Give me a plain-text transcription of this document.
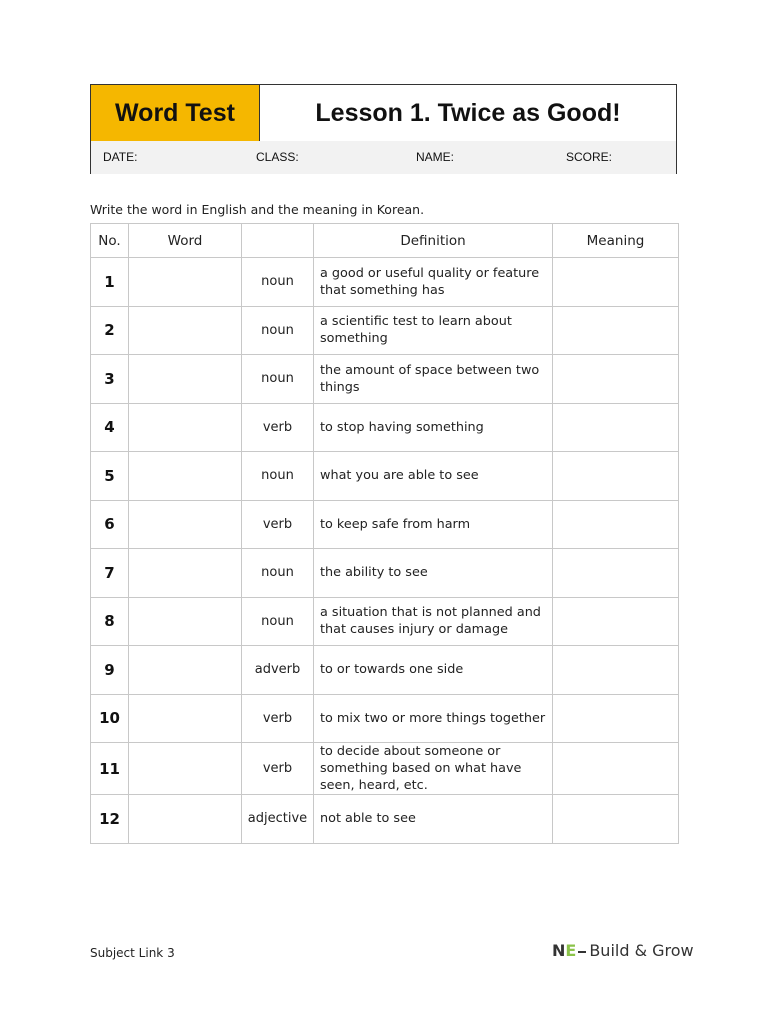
Word Test	Lesson 1. Twice as Good!
DATE:	CLASS:	NAME:	SCORE:
Write the word in English and the meaning in Korean.
No.	Word		Definition	Meaning
1		noun	a good or useful quality or feature that something has	
2		noun	a scientific test to learn about something	
3		noun	the amount of space between two things	
4		verb	to stop having something	
5		noun	what you are able to see	
6		verb	to keep safe from harm	
7		noun	the ability to see	
8		noun	a situation that is not planned and that causes injury or damage	
9		adverb	to or towards one side	
10		verb	to mix two or more things together	
11		verb	to decide about someone or something based on what have seen, heard, etc.	
12		adjective	not able to see	
Subject Link 3	NE Build & Grow
